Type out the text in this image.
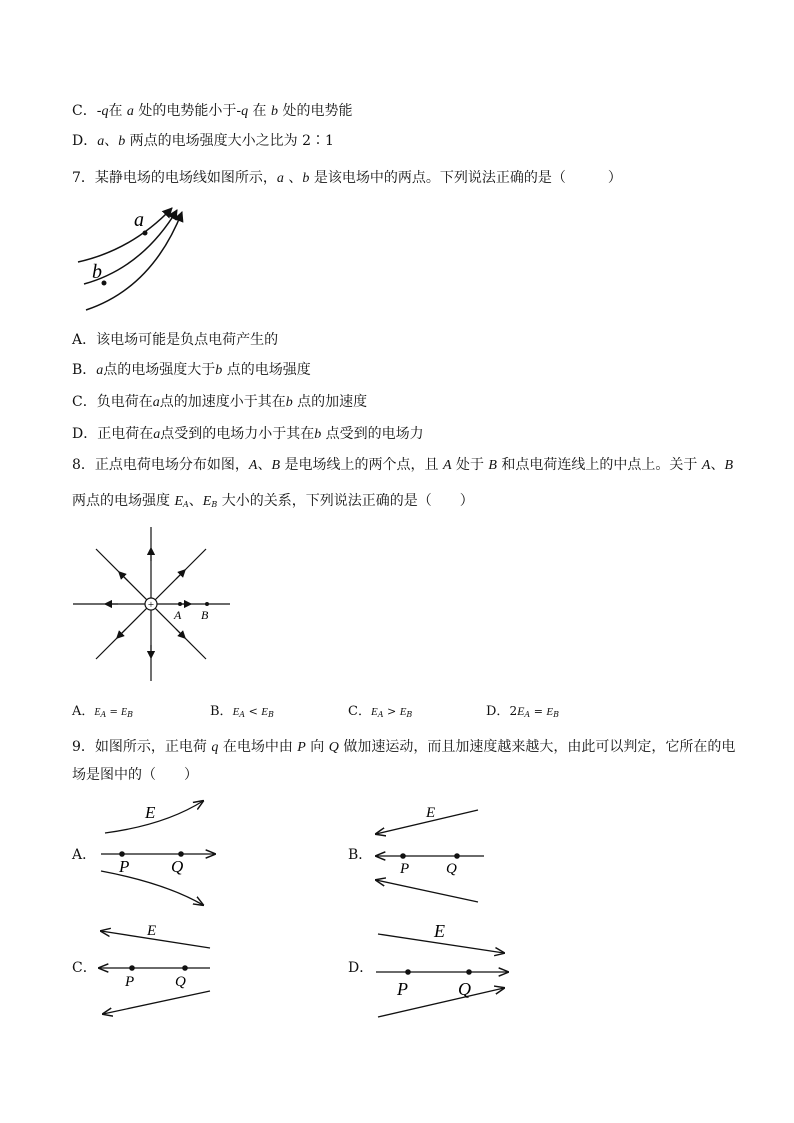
C．-q在 a 处的电势能小于-q 在 b 处的电势能
D．a、b 两点的电场强度大小之比为 2∶1
7．某静电场的电场线如图所示，a 、b 是该电场中的两点。下列说法正确的是（　　　）
a
b
A．该电场可能是负点电荷产生的
B．a点的电场强度大于b 点的电场强度
C．负电荷在a点的加速度小于其在b 点的加速度
D．正电荷在a点受到的电场力小于其在b 点受到的电场力
8．正点电荷电场分布如图，A、B 是电场线上的两个点，且 A 处于 B 和点电荷连线上的中点上。关于 A、B
两点的电场强度 $E_A$、$E_B$ 大小的关系，下列说法正确的是（　　）
+
A B
A．$E_A = E_B$	B．$E_A < E_B$	C．$E_A > E_B$	D．$2E_A = E_B$
9．如图所示，正电荷 q 在电场中由 P 向 Q 做加速运动，而且加速度越来越大，由此可以判定，它所在的电
场是图中的（　　）
A．
E
P Q
B．
E
P Q
C．
E
P	Q
D．
E
P	Q
